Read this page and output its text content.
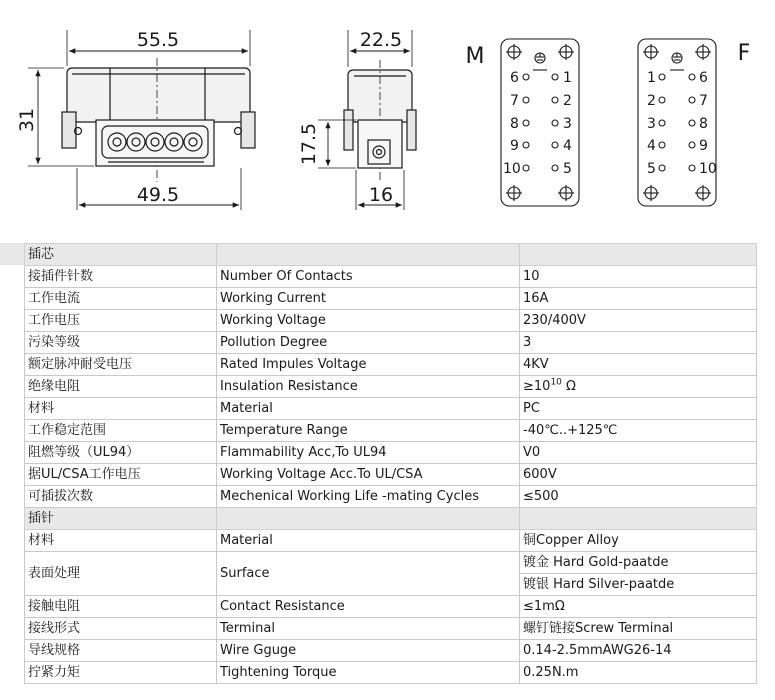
55.5
49.5
31
22.5
16
17.5
M
6	1
7	2
8	3
9	4
10	5
F
1	6
2	7
3	8
4	9
5	10
插芯		
接插件针数	Number Of Contacts	10
工作电流	Working Current	16A
工作电压	Working Voltage	230/400V
污染等级	Pollution Degree	3
额定脉冲耐受电压	Rated Impules Voltage	4KV
绝缘电阻	Insulation Resistance	$\ge 10^{10}$ Ω
材料	Material	PC
工作稳定范围	Temperature Range	-40℃..+125℃
阻燃等级（UL94）	Flammability Acc,To UL94	V0
据UL/CSA工作电压	Working Voltage Acc.To UL/CSA	600V
可插拔次数	Mechenical Working Life -mating Cycles	≤500
插针		
材料	Material	铜Copper Alloy
表面处理	Surface	镀金 Hard Gold-paatde
		镀银 Hard Silver-paatde
接触电阻	Contact Resistance	≤1mΩ
接线形式	Terminal	螺钉链接Screw Terminal
导线规格	Wire Gguge	0.14-2.5mmAWG26-14
拧紧力矩	Tightening Torque	0.25N.m
